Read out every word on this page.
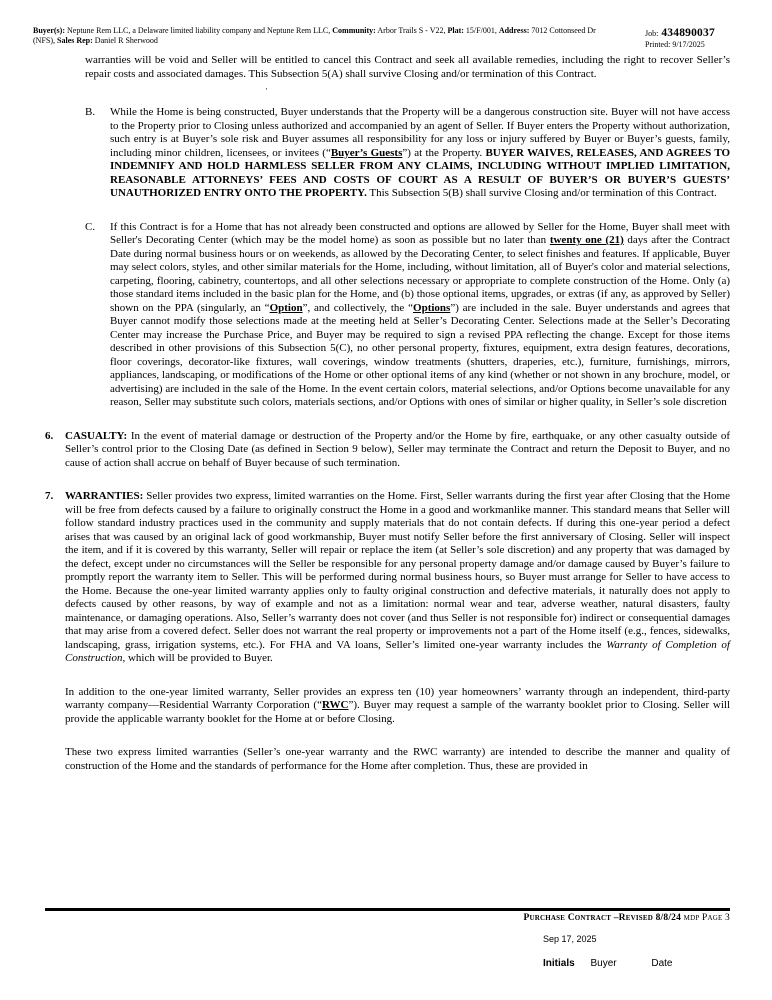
Buyer(s): Neptune Rem LLC, a Delaware limited liability company and Neptune Rem LLC, Community: Arbor Trails S - V22, Plat: 15/F/001, Address: 7012 Cottonseed Dr
(NFS), Sales Rep: Daniel R Sherwood
Job: 434890037
Printed: 9/17/2025
warranties will be void and Seller will be entitled to cancel this Contract and seek all available remedies, including the right to recover Seller’s repair costs and associated damages. This Subsection 5(A) shall survive Closing and/or termination of this Contract.
·
B. While the Home is being constructed, Buyer understands that the Property will be a dangerous construction site. Buyer will not have access to the Property prior to Closing unless authorized and accompanied by an agent of Seller. If Buyer enters the Property without authorization, such entry is at Buyer’s sole risk and Buyer assumes all responsibility for any loss or injury suffered by Buyer or Buyer’s guests, family, including minor children, licensees, or invitees (“Buyer’s Guests”) at the Property. BUYER WAIVES, RELEASES, AND AGREES TO INDEMNIFY AND HOLD HARMLESS SELLER FROM ANY CLAIMS, INCLUDING WITHOUT IMPLIED LIMITATION, REASONABLE ATTORNEYS’ FEES AND COSTS OF COURT AS A RESULT OF BUYER’S OR BUYER’S GUESTS’ UNAUTHORIZED ENTRY ONTO THE PROPERTY. This Subsection 5(B) shall survive Closing and/or termination of this Contract.
C. If this Contract is for a Home that has not already been constructed and options are allowed by Seller for the Home, Buyer shall meet with Seller's Decorating Center (which may be the model home) as soon as possible but no later than twenty one (21) days after the Contract Date during normal business hours or on weekends, as allowed by the Decorating Center, to select finishes and features. If applicable, Buyer may select colors, styles, and other similar materials for the Home, including, without limitation, all of Buyer's color and material selections, carpeting, flooring, cabinetry, countertops, and all other selections necessary or appropriate to complete construction of the Home. Only (a) those standard items included in the basic plan for the Home, and (b) those optional items, upgrades, or extras (if any, as approved by Seller) shown on the PPA (singularly, an “Option”, and collectively, the “Options”) are included in the sale. Buyer understands and agrees that Buyer cannot modify those selections made at the meeting held at Seller’s Decorating Center. Selections made at the Seller’s Decorating Center may increase the Purchase Price, and Buyer may be required to sign a revised PPA reflecting the change. Except for those items described in other provisions of this Subsection 5(C), no other personal property, fixtures, equipment, extra design features, decorations, floor coverings, decorator-like fixtures, wall coverings, window treatments (shutters, draperies, etc.), furniture, furnishings, mirrors, appliances, landscaping, or modifications of the Home or other optional items of any kind (whether or not shown in any brochure, model, or advertising) are included in the sale of the Home. In the event certain colors, material selections, and/or Options become unavailable for any reason, Seller may substitute such colors, materials sections, and/or Options with ones of similar or higher quality, in Seller’s sole discretion
6. CASUALTY: In the event of material damage or destruction of the Property and/or the Home by fire, earthquake, or any other casualty outside of Seller’s control prior to the Closing Date (as defined in Section 9 below), Seller may terminate the Contract and return the Deposit to Buyer, and no cause of action shall accrue on behalf of Buyer because of such termination.
7. WARRANTIES: Seller provides two express, limited warranties on the Home. First, Seller warrants during the first year after Closing that the Home will be free from defects caused by a failure to originally construct the Home in a good and workmanlike manner. This standard means that Seller will follow standard industry practices used in the community and supply materials that do not contain defects. If during this one-year period a defect arises that was caused by an original lack of good workmanship, Buyer must notify Seller before the first anniversary of Closing. Seller will inspect the item, and if it is covered by this warranty, Seller will repair or replace the item (at Seller’s sole discretion) and any property that was damaged by the defect, except under no circumstances will the Seller be responsible for any personal property damage and/or damage caused by Buyer’s failure to promptly report the warranty item to Seller. This will be performed during normal business hours, so Buyer must arrange for Seller to have access to the Home. Because the one-year limited warranty applies only to faulty original construction and defective materials, it naturally does not apply to defects caused by other reasons, by way of example and not as a limitation: normal wear and tear, adverse weather, natural disasters, faulty maintenance, or damaging operations. Also, Seller’s warranty does not cover (and thus Seller is not responsible for) indirect or consequential damages that may arise from a covered defect. Seller does not warrant the real property or improvements not a part of the Home itself (e.g., fences, sidewalks, landscaping, grass, irrigation systems, etc.). For FHA and VA loans, Seller’s limited one-year warranty includes the Warranty of Completion of Construction, which will be provided to Buyer.
In addition to the one-year limited warranty, Seller provides an express ten (10) year homeowners’ warranty through an independent, third-party warranty company—Residential Warranty Corporation (“RWC”). Buyer may request a sample of the warranty booklet prior to Closing. Seller will provide the applicable warranty booklet for the Home at or before Closing.
These two express limited warranties (Seller’s one-year warranty and the RWC warranty) are intended to describe the manner and quality of construction of the Home and the standards of performance for the Home after completion. Thus, these are provided in
Purchase Contract –Revised 8/8/24 mdp Page 3
Sep 17, 2025
Initials Buyer	Date
